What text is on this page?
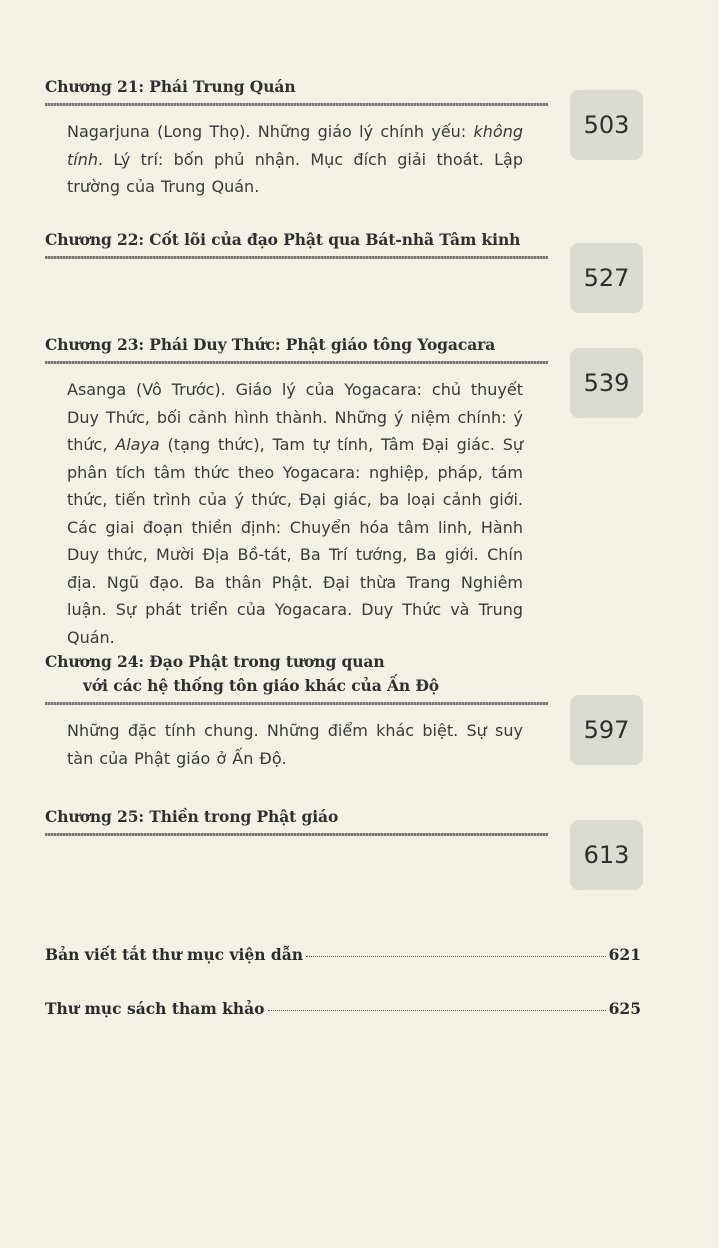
Chương 21: Phái Trung Quán
Nagarjuna (Long Thọ). Những giáo lý chính yếu: không tính. Lý trí: bốn phủ nhận. Mục đích giải thoát. Lập trường của Trung Quán.
503
Chương 22: Cốt lõi của đạo Phật qua Bát-nhã Tâm kinh
527
Chương 23: Phái Duy Thức: Phật giáo tông Yogacara
Asanga (Vô Trước). Giáo lý của Yogacara: chủ thuyết Duy Thức, bối cảnh hình thành. Những ý niệm chính: ý thức, Alaya (tạng thức), Tam tự tính, Tâm Đại giác. Sự phân tích tâm thức theo Yogacara: nghiệp, pháp, tám thức, tiến trình của ý thức, Đại giác, ba loại cảnh giới. Các giai đoạn thiền định: Chuyển hóa tâm linh, Hành Duy thức, Mười Địa Bồ-tát, Ba Trí tướng, Ba giới. Chín địa. Ngũ đạo. Ba thân Phật. Đại thừa Trang Nghiêm luận. Sự phát triển của Yogacara. Duy Thức và Trung Quán.
539
Chương 24: Đạo Phật trong tương quan
với các hệ thống tôn giáo khác của Ấn Độ
Những đặc tính chung. Những điểm khác biệt. Sự suy tàn của Phật giáo ở Ấn Độ.
597
Chương 25: Thiền trong Phật giáo
613
Bản viết tắt thư mục viện dẫn	621
Thư mục sách tham khảo	625
